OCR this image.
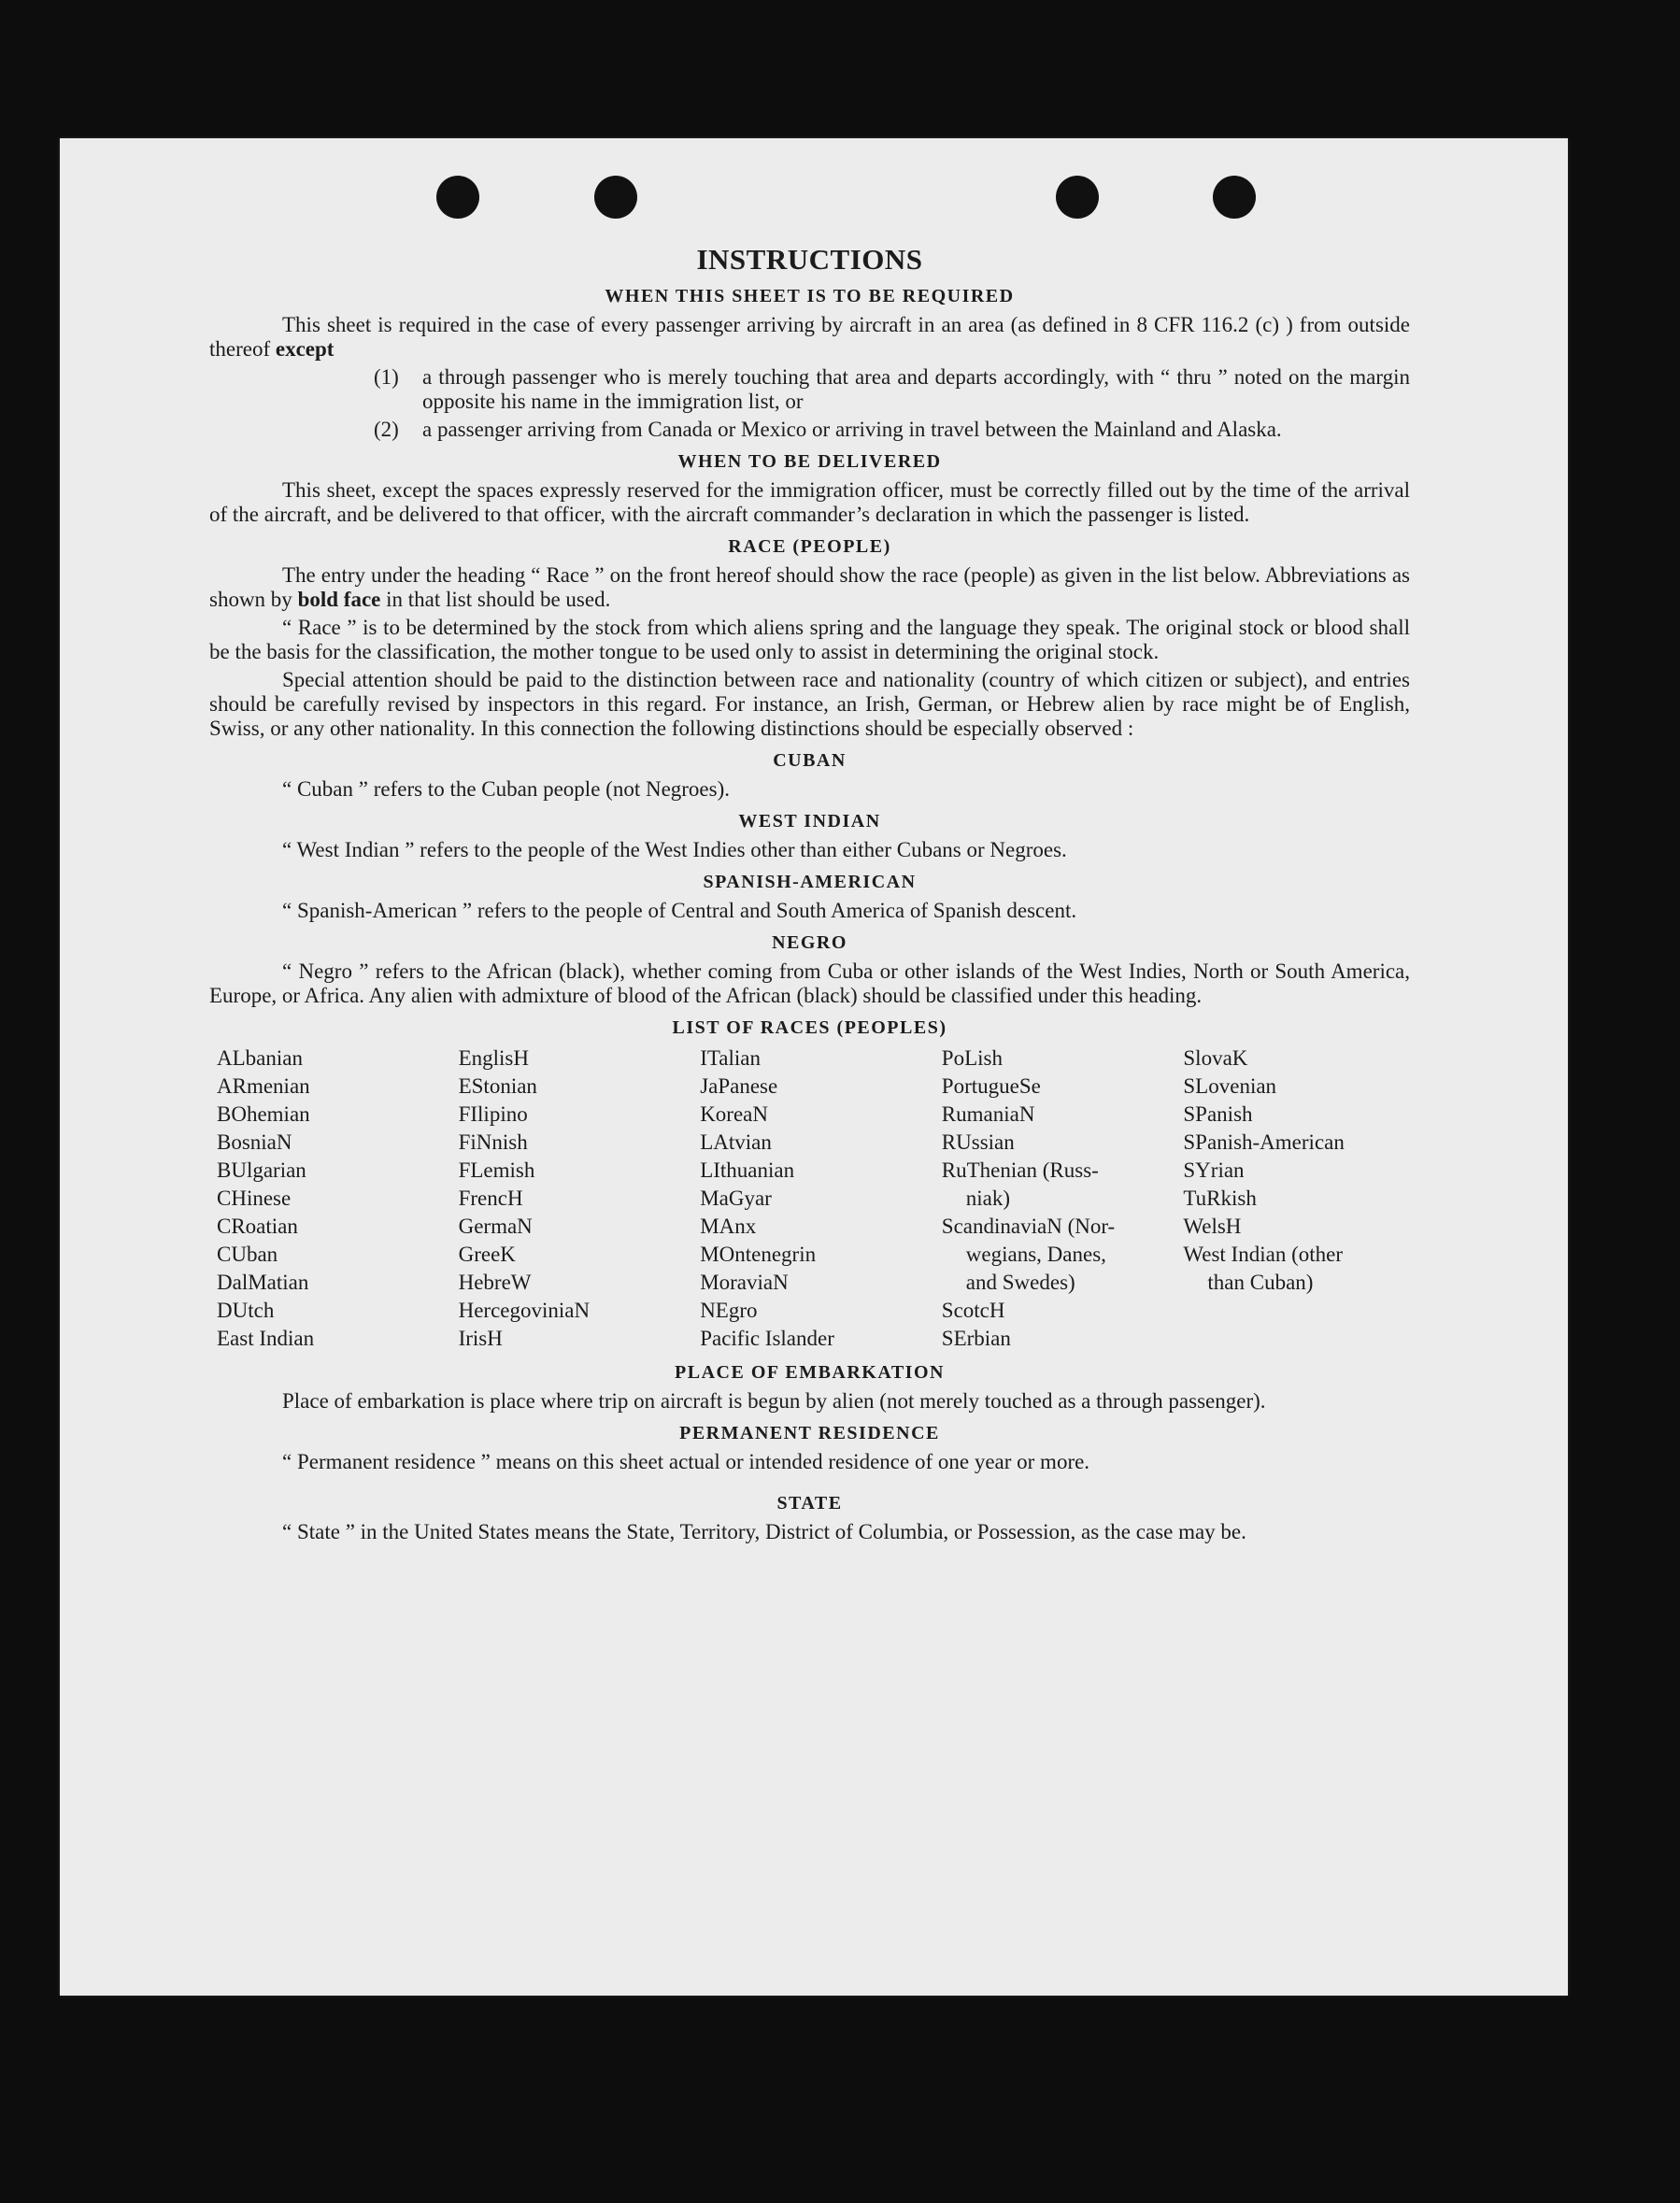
INSTRUCTIONS
WHEN THIS SHEET IS TO BE REQUIRED

This sheet is required in the case of every passenger arriving by aircraft in an area (as defined in 8 CFR 116.2 (c) ) from outside thereof except

(1) a through passenger who is merely touching that area and departs accordingly, with “ thru ” noted on the margin opposite his name in the immigration list, or

(2) a passenger arriving from Canada or Mexico or arriving in travel between the Mainland and Alaska.

WHEN TO BE DELIVERED

This sheet, except the spaces expressly reserved for the immigration officer, must be correctly filled out by the time of the arrival of the aircraft, and be delivered to that officer, with the aircraft commander’s declaration in which the passenger is listed.

RACE (PEOPLE)

The entry under the heading “ Race ” on the front hereof should show the race (people) as given in the list below. Abbreviations as shown by bold face in that list should be used.

“ Race ” is to be determined by the stock from which aliens spring and the language they speak. The original stock or blood shall be the basis for the classification, the mother tongue to be used only to assist in determining the original stock.

Special attention should be paid to the distinction between race and nationality (country of which citizen or subject), and entries should be carefully revised by inspectors in this regard. For instance, an Irish, German, or Hebrew alien by race might be of English, Swiss, or any other nationality. In this connection the following distinctions should be especially observed :

CUBAN

“ Cuban ” refers to the Cuban people (not Negroes).

WEST INDIAN

“ West Indian ” refers to the people of the West Indies other than either Cubans or Negroes.

SPANISH-AMERICAN

“ Spanish-American ” refers to the people of Central and South America of Spanish descent.

NEGRO

“ Negro ” refers to the African (black), whether coming from Cuba or other islands of the West Indies, North or South America, Europe, or Africa. Any alien with admixture of blood of the African (black) should be classified under this heading.

LIST OF RACES (PEOPLES)
ALbanian
ARmenian
BOhemian
BosniaN
BUlgarian
CHinese
CRoatian
CUban
DalMatian
DUtch
East Indian
EnglisH
EStonian
FIlipino
FiNnish
FLemish
FrencH
GermaN
GreeK
HebreW
HercegoviniaN
IrisH
ITalian
JaPanese
KoreaN
LAtvian
LIthuanian
MaGyar
MAnx
MOntenegrin
MoraviaN
NEgro
Pacific Islander
PoLish
PortugueSe
RumaniaN
RUssian
RuThenian (Russ-
niak)
ScandinaviaN (Nor-
wegians, Danes,
and Swedes)
ScotcH
SErbian
SlovaK
SLovenian
SPanish
SPanish-American
SYrian
TuRkish
WelsH
West Indian (other
than Cuban)
PLACE OF EMBARKATION

Place of embarkation is place where trip on aircraft is begun by alien (not merely touched as a through passenger).

PERMANENT RESIDENCE

“ Permanent residence ” means on this sheet actual or intended residence of one year or more.

STATE

“ State ” in the United States means the State, Territory, District of Columbia, or Possession, as the case may be.
